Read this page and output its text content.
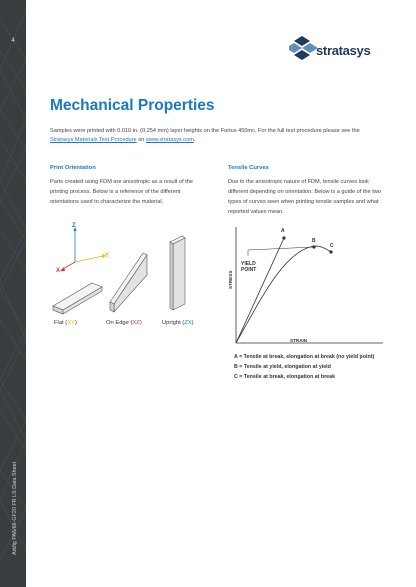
4
Arkfig PA6/66-GF20 FR LS Data Sheet
stratasys
Mechanical Properties
Samples were printed with 0.010 in. (0.254 mm) layer heights on the Fortus 450mc. For the full test procedure please see the Stratasys Materials Test Procedure on www.stratasys.com.
Print Orientation
Parts created using FDM are anisotropic as a result of the printing process. Below is a reference of the different orientations used to characterize the material.
Z
Y
X
Flat (XY)	On Edge (XZ)	Upright (ZX)
Tensile Curves
Due to the anisotropic nature of FDM, tensile curves look different depending on orientation. Below is a guide of the two types of curves seen when printing tensile samples and what reported values mean.
A
B
C
YIELD
POINT
STRAIN
STRESS
A = Tensile at break, elongation at break (no yield point)
B = Tensile at yield, elongation at yield
C = Tensile at break, elongation at break
